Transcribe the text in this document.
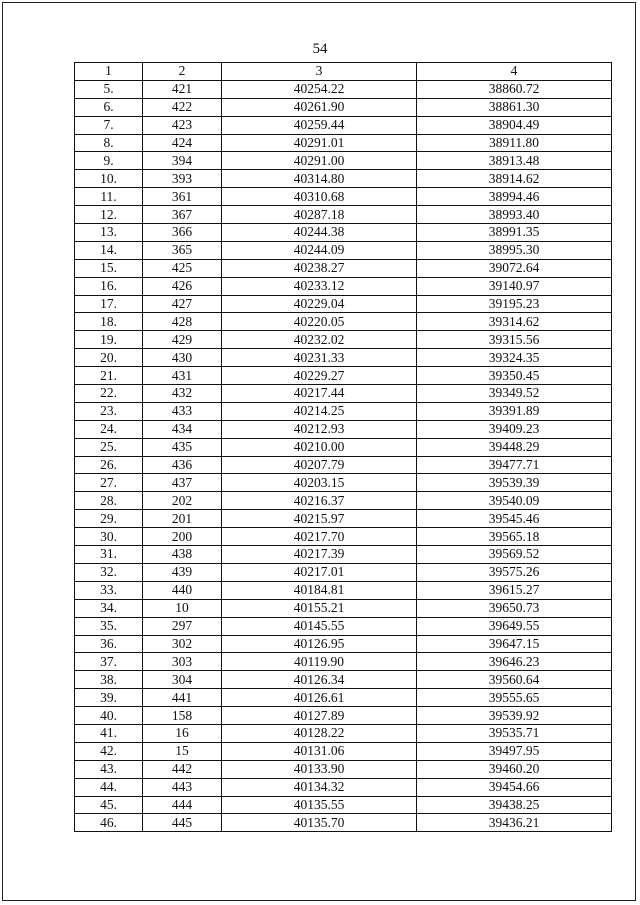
54
1	2	3	4
5.	421	40254.22	38860.72
6.	422	40261.90	38861.30
7.	423	40259.44	38904.49
8.	424	40291.01	38911.80
9.	394	40291.00	38913.48
10.	393	40314.80	38914.62
11.	361	40310.68	38994.46
12.	367	40287.18	38993.40
13.	366	40244.38	38991.35
14.	365	40244.09	38995.30
15.	425	40238.27	39072.64
16.	426	40233.12	39140.97
17.	427	40229.04	39195.23
18.	428	40220.05	39314.62
19.	429	40232.02	39315.56
20.	430	40231.33	39324.35
21.	431	40229.27	39350.45
22.	432	40217.44	39349.52
23.	433	40214.25	39391.89
24.	434	40212.93	39409.23
25.	435	40210.00	39448.29
26.	436	40207.79	39477.71
27.	437	40203.15	39539.39
28.	202	40216.37	39540.09
29.	201	40215.97	39545.46
30.	200	40217.70	39565.18
31.	438	40217.39	39569.52
32.	439	40217.01	39575.26
33.	440	40184.81	39615.27
34.	10	40155.21	39650.73
35.	297	40145.55	39649.55
36.	302	40126.95	39647.15
37.	303	40119.90	39646.23
38.	304	40126.34	39560.64
39.	441	40126.61	39555.65
40.	158	40127.89	39539.92
41.	16	40128.22	39535.71
42.	15	40131.06	39497.95
43.	442	40133.90	39460.20
44.	443	40134.32	39454.66
45.	444	40135.55	39438.25
46.	445	40135.70	39436.21
